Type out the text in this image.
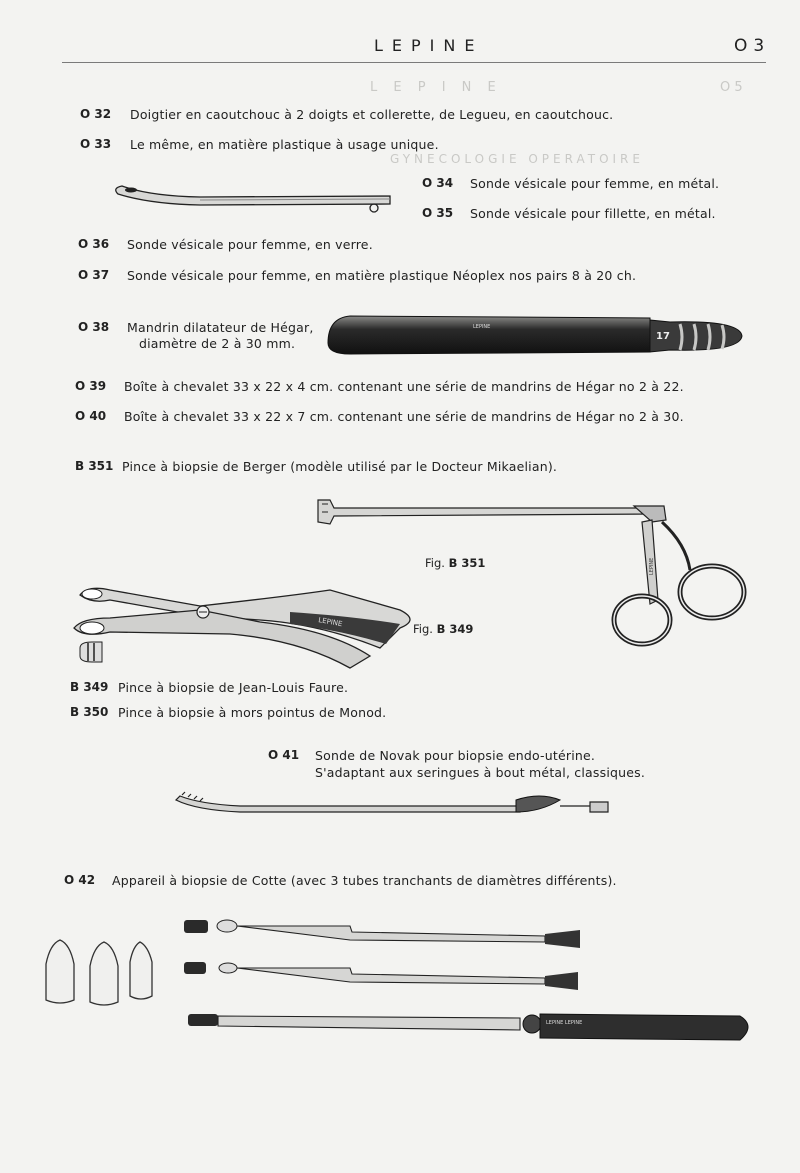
LEPINE	O3
L E P I N E	O 5
GYNECOLOGIE OPERATOIRE
O 32 Doigtier en caoutchouc à 2 doigts et collerette, de Legueu, en caoutchouc.
O 33 Le même, en matière plastique à usage unique.
O 34 Sonde vésicale pour femme, en métal.
O 35 Sonde vésicale pour fillette, en métal.
O 36 Sonde vésicale pour femme, en verre.
O 37 Sonde vésicale pour femme, en matière plastique Néoplex nos pairs 8 à 20 ch.
O 38 Mandrin dilatateur de Hégar,
diamètre de 2 à 30 mm.
LEPINE
17
O 39 Boîte à chevalet 33 x 22 x 4 cm. contenant une série de mandrins de Hégar no 2 à 22.
O 40 Boîte à chevalet 33 x 22 x 7 cm. contenant une série de mandrins de Hégar no 2 à 30.
B 351 Pince à biopsie de Berger (modèle utilisé par le Docteur Mikaelian).
LEPINE
Fig. B 351
LEPINE	Fig. B 349
B 349 Pince à biopsie de Jean-Louis Faure.
B 350 Pince à biopsie à mors pointus de Monod.
O 41 Sonde de Novak pour biopsie endo-utérine.
S'adaptant aux seringues à bout métal, classiques.
O 42 Appareil à biopsie de Cotte (avec 3 tubes tranchants de diamètres différents).
LEPINE LEPINE
